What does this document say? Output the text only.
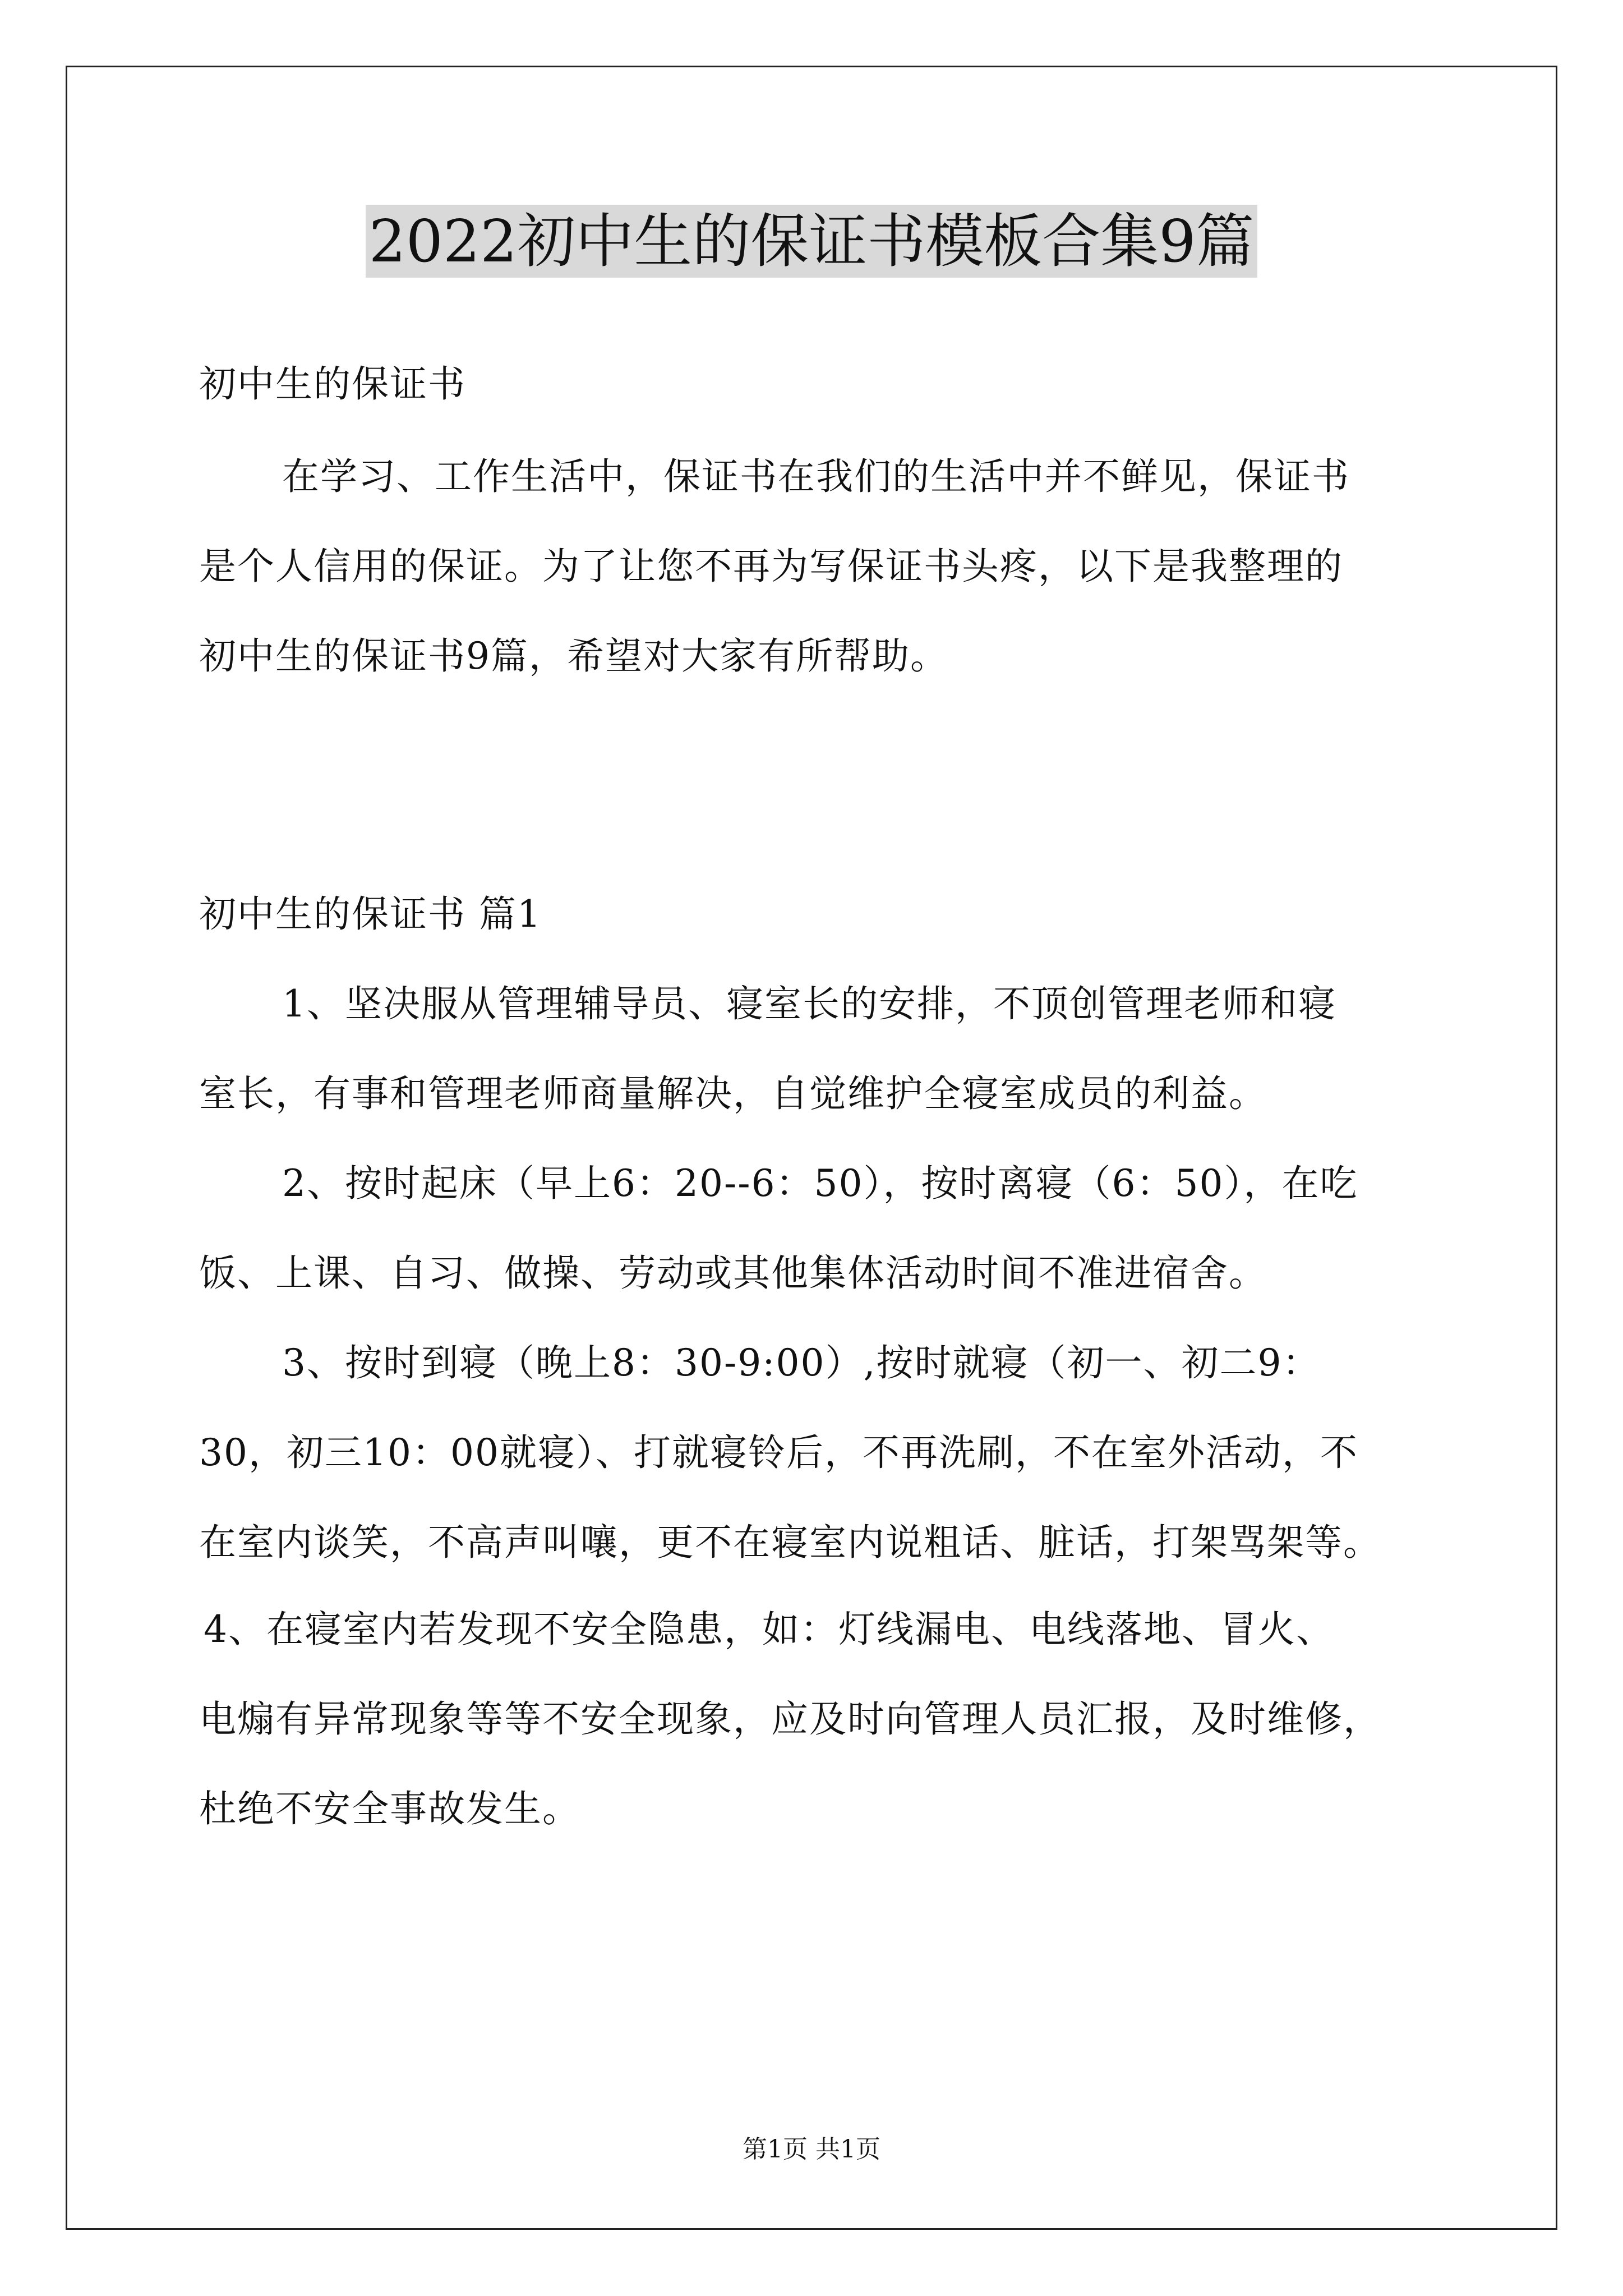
2022初中生的保证书模板合集9篇
初中生的保证书
在学习、工作生活中，保证书在我们的生活中并不鲜见，保证书
是个人信用的保证。为了让您不再为写保证书头疼，以下是我整理的
初中生的保证书9篇，希望对大家有所帮助。
初中生的保证书 篇1
1、坚决服从管理辅导员、寝室长的安排，不顶创管理老师和寝
室长，有事和管理老师商量解决，自觉维护全寝室成员的利益。
2、按时起床（早上6：20--6：50），按时离寝（6：50），在吃
饭、上课、自习、做操、劳动或其他集体活动时间不准进宿舍。
3、按时到寝（晚上8：30-9:00）,按时就寝（初一、初二9：
30，初三10：00就寝）、打就寝铃后，不再洗刷，不在室外活动，不
在室内谈笑，不高声叫嚷，更不在寝室内说粗话、脏话，打架骂架等。
4、在寝室内若发现不安全隐患，如：灯线漏电、电线落地、冒火、
电煽有异常现象等等不安全现象，应及时向管理人员汇报，及时维修，
杜绝不安全事故发生。
第1页 共1页
